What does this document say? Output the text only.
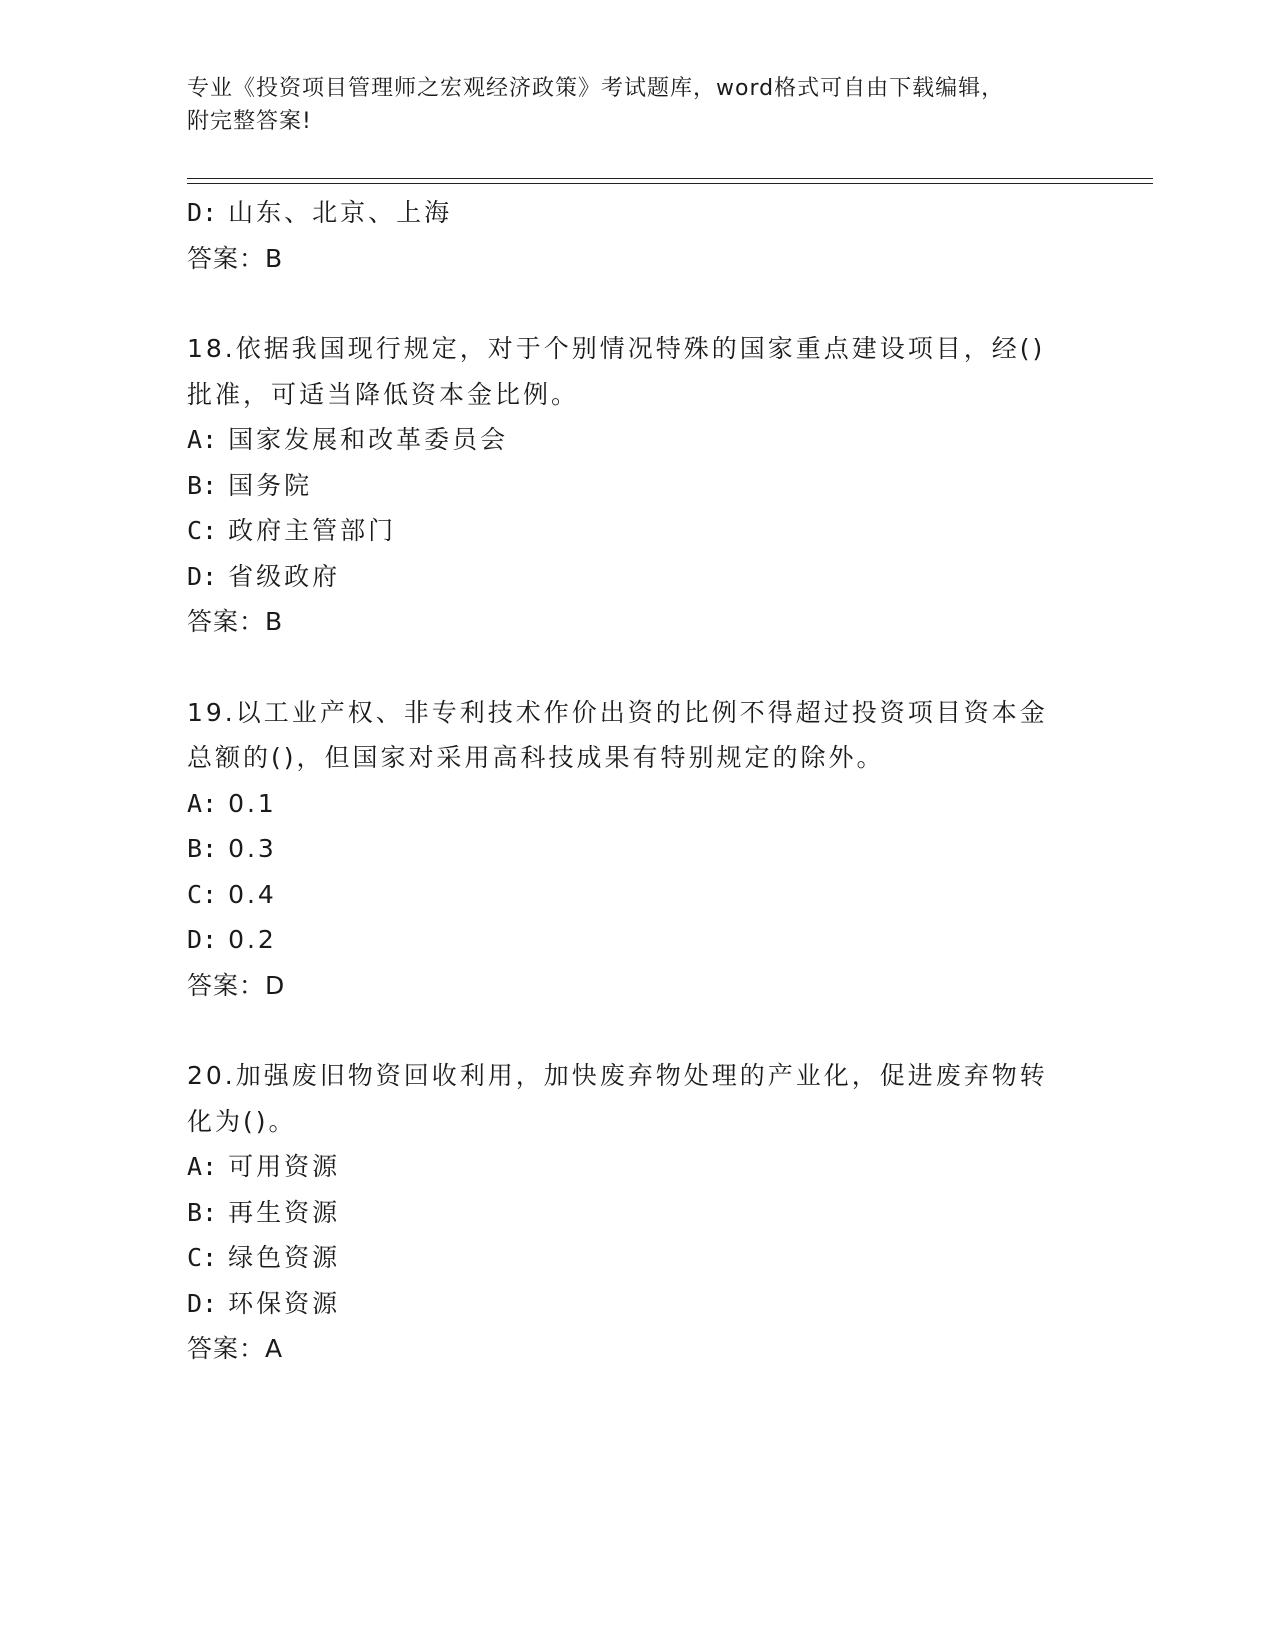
专业《投资项目管理师之宏观经济政策》考试题库，word格式可自由下载编辑，
附完整答案!
D: 山东、北京、上海
答案：B
18.依据我国现行规定，对于个别情况特殊的国家重点建设项目，经()
批准，可适当降低资本金比例。
A: 国家发展和改革委员会
B: 国务院
C: 政府主管部门
D: 省级政府
答案：B
19.以工业产权、非专利技术作价出资的比例不得超过投资项目资本金
总额的()，但国家对采用高科技成果有特别规定的除外。
A: 0.1
B: 0.3
C: 0.4
D: 0.2
答案：D
20.加强废旧物资回收利用，加快废弃物处理的产业化，促进废弃物转
化为()。
A: 可用资源
B: 再生资源
C: 绿色资源
D: 环保资源
答案：A
